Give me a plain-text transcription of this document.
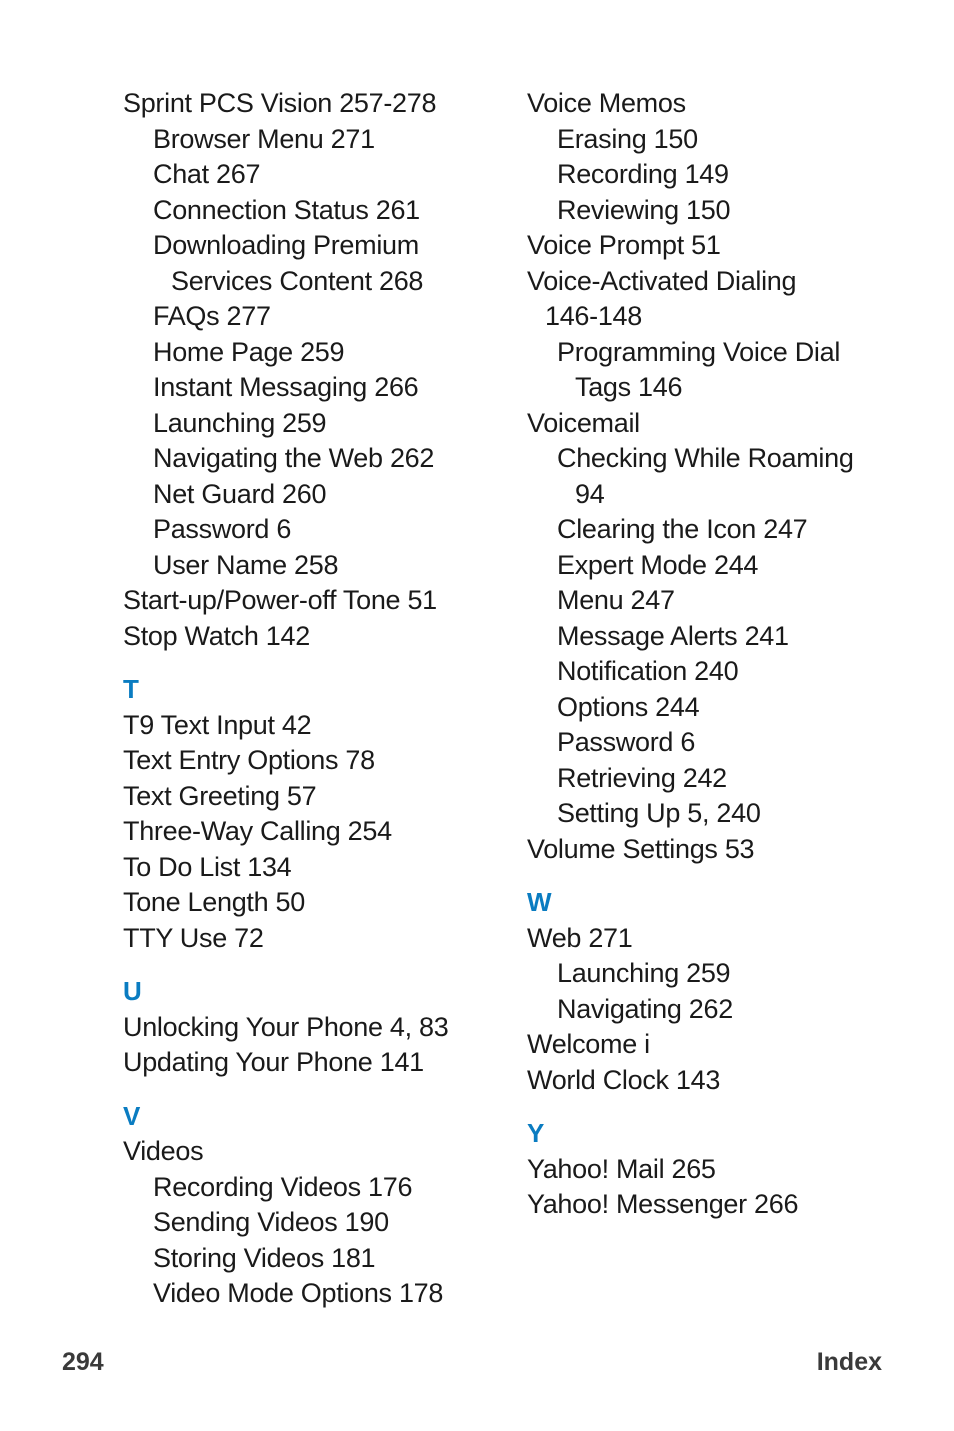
Sprint PCS Vision 257-278
Browser Menu 271
Chat 267
Connection Status 261
Downloading Premium
Services Content 268
FAQs 277
Home Page 259
Instant Messaging 266
Launching 259
Navigating the Web 262
Net Guard 260
Password 6
User Name 258
Start-up/Power-off Tone 51
Stop Watch 142
T
T9 Text Input 42
Text Entry Options 78
Text Greeting 57
Three-Way Calling 254
To Do List 134
Tone Length 50
TTY Use 72
U
Unlocking Your Phone 4, 83
Updating Your Phone 141
V
Videos
Recording Videos 176
Sending Videos 190
Storing Videos 181
Video Mode Options 178
Voice Memos
Erasing 150
Recording 149
Reviewing 150
Voice Prompt 51
Voice-Activated Dialing
146-148
Programming Voice Dial
Tags 146
Voicemail
Checking While Roaming
94
Clearing the Icon 247
Expert Mode 244
Menu 247
Message Alerts 241
Notification 240
Options 244
Password 6
Retrieving 242
Setting Up 5, 240
Volume Settings 53
W
Web 271
Launching 259
Navigating 262
Welcome i
World Clock 143
Y
Yahoo! Mail 265
Yahoo! Messenger 266
294	Index
